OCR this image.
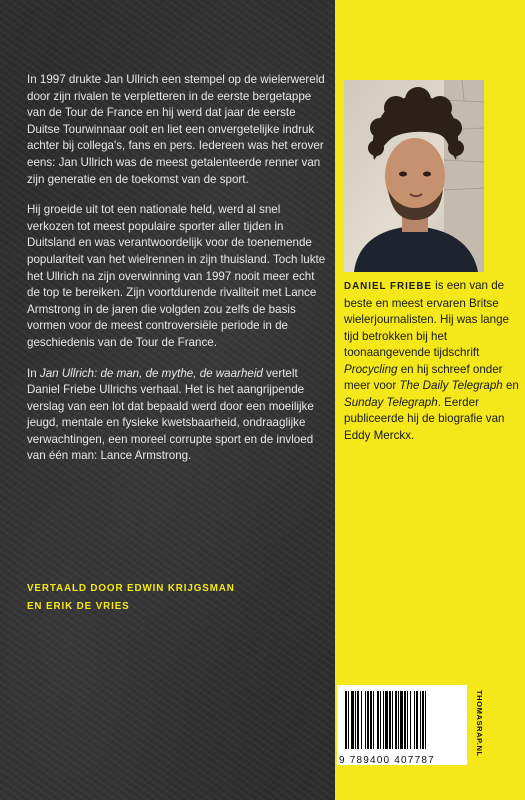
In 1997 drukte Jan Ullrich een stempel op de wielerwereld door zijn rivalen te verpletteren in de eerste bergetappe van de Tour de France en hij werd dat jaar de eerste Duitse Tourwinnaar ooit en liet een onvergetelijke indruk achter bij collega's, fans en pers. Iedereen was het erover eens: Jan Ullrich was de meest getalenteerde renner van zijn generatie en de toekomst van de sport.

Hij groeide uit tot een nationale held, werd al snel verkozen tot meest populaire sporter aller tijden in Duitsland en was verantwoordelijk voor de toenemende populariteit van het wielrennen in zijn thuisland. Toch lukte het Ullrich na zijn overwinning van 1997 nooit meer echt de top te bereiken. Zijn voortdurende rivaliteit met Lance Armstrong in de jaren die volgden zou zelfs de basis vormen voor de meest controversiële periode in de geschiedenis van de Tour de France.

In Jan Ullrich: de man, de mythe, de waarheid vertelt Daniel Friebe Ullrichs verhaal. Het is het aangrijpende verslag van een lot dat bepaald werd door een moeilijke jeugd, mentale en fysieke kwetsbaarheid, ondraaglijke verwachtingen, een moreel corrupte sport en de invloed van één man: Lance Armstrong.

VERTAALD DOOR EDWIN KRIJGSMAN
EN ERIK DE VRIES
DANIEL FRIEBE is een van de beste en meest ervaren Britse wielerjournalisten. Hij was lange tijd betrokken bij het toonaangevende tijdschrift Procycling en hij schreef onder meer voor The Daily Telegraph en Sunday Telegraph. Eerder publiceerde hij de biografie van Eddy Merckx.
9 789400 407787
THOMASRAP.NL
